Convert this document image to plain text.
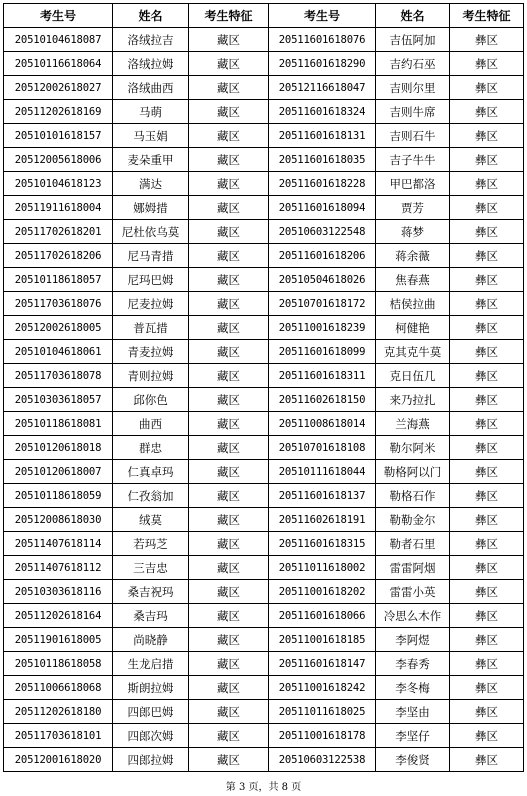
考生号	姓名	考生特征	考生号	姓名	考生特征
20510104618087	洛绒拉吉	藏区	20511601618076	吉伍阿加	彝区
20510116618064	洛绒拉姆	藏区	20511601618290	吉约石巫	彝区
20512002618027	洛绒曲西	藏区	20512116618047	吉则尔里	彝区
20511202618169	马萌	藏区	20511601618324	吉则牛席	彝区
20510101618157	马玉娟	藏区	20511601618131	吉则石牛	彝区
20512005618006	麦朵重甲	藏区	20511601618035	吉子牛牛	彝区
20510104618123	满达	藏区	20511601618228	甲巴都洛	彝区
20511911618004	娜姆措	藏区	20511601618094	贾芳	彝区
20511702618201	尼杜依乌莫	藏区	20510603122548	蒋梦	彝区
20511702618206	尼马青措	藏区	20511601618206	蒋余薇	彝区
20510118618057	尼玛巴姆	藏区	20510504618026	焦春燕	彝区
20511703618076	尼麦拉姆	藏区	20510701618172	桔侯拉曲	彝区
20512002618005	普瓦措	藏区	20511001618239	柯健艳	彝区
20510104618061	青麦拉姆	藏区	20511601618099	克其克牛莫	彝区
20511703618078	青则拉姆	藏区	20511601618311	克日伍几	彝区
20510303618057	邱你色	藏区	20511602618150	来乃拉扎	彝区
20510118618081	曲西	藏区	20511008618014	兰海燕	彝区
20510120618018	群忠	藏区	20510701618108	勒尔阿米	彝区
20510120618007	仁真卓玛	藏区	20510111618044	勒格阿以门	彝区
20510118618059	仁孜翁加	藏区	20511601618137	勒格石作	彝区
20512008618030	绒莫	藏区	20511602618191	勒勒金尔	彝区
20511407618114	若玛芝	藏区	20511601618315	勒者石里	彝区
20511407618112	三吉忠	藏区	20511011618002	雷雷阿烟	彝区
20510303618116	桑吉祝玛	藏区	20511001618202	雷雷小英	彝区
20511202618164	桑吉玛	藏区	20511601618066	冷思么木作	彝区
20511901618005	尚晓静	藏区	20511001618185	李阿煜	彝区
20510118618058	生龙启措	藏区	20511601618147	李春秀	彝区
20511006618068	斯朗拉姆	藏区	20511001618242	李冬梅	彝区
20511202618180	四郎巴姆	藏区	20511011618025	李坚由	彝区
20511703618101	四郎次姆	藏区	20511001618178	李坚仔	彝区
20512001618020	四郎拉姆	藏区	20510603122538	李俊贤	彝区
第 3 页，共 8 页
